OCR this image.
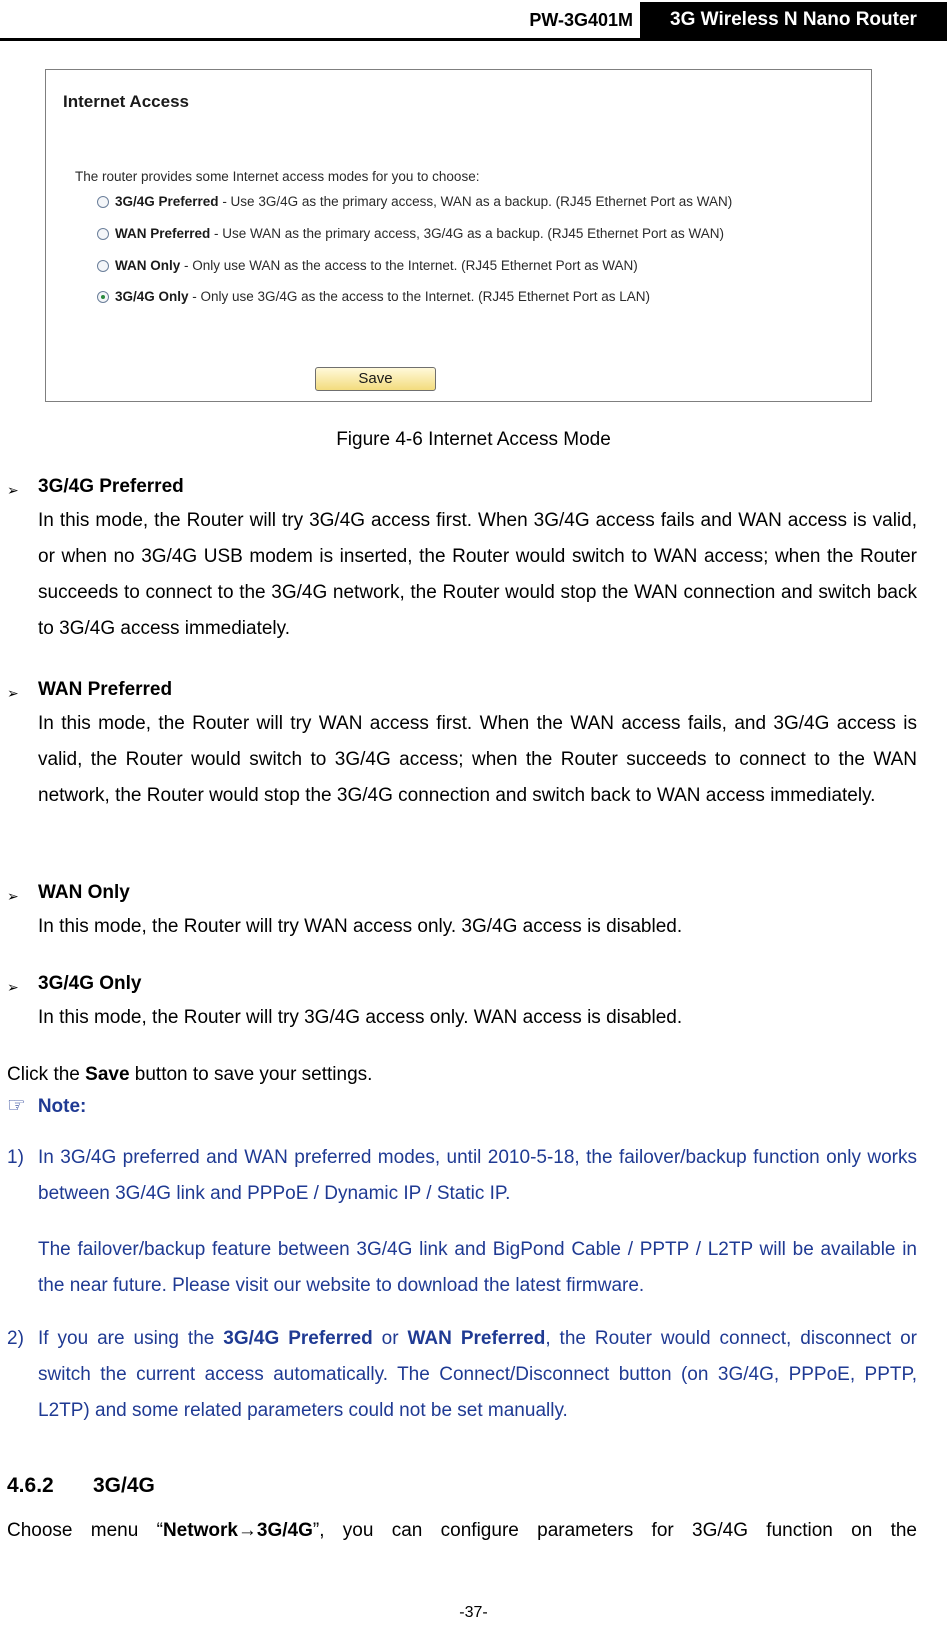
PW-3G401M	3G Wireless N Nano Router
Internet Access
The router provides some Internet access modes for you to choose:
3G/4G Preferred - Use 3G/4G as the primary access, WAN as a backup. (RJ45 Ethernet Port as WAN)
WAN Preferred - Use WAN as the primary access, 3G/4G as a backup. (RJ45 Ethernet Port as WAN)
WAN Only - Only use WAN as the access to the Internet. (RJ45 Ethernet Port as WAN)
3G/4G Only - Only use 3G/4G as the access to the Internet. (RJ45 Ethernet Port as LAN)
Save
Figure 4-6 Internet Access Mode
➢ 3G/4G Preferred

In this mode, the Router will try 3G/4G access first. When 3G/4G access fails and WAN access is valid, or when no 3G/4G USB modem is inserted, the Router would switch to WAN access; when the Router succeeds to connect to the 3G/4G network, the Router would stop the WAN connection and switch back to 3G/4G access immediately.

➢ WAN Preferred

In this mode, the Router will try WAN access first. When the WAN access fails, and 3G/4G access is valid, the Router would switch to 3G/4G access; when the Router succeeds to connect to the WAN network, the Router would stop the 3G/4G connection and switch back to WAN access immediately.

➢ WAN Only

In this mode, the Router will try WAN access only. 3G/4G access is disabled.

➢ 3G/4G Only

In this mode, the Router will try 3G/4G access only. WAN access is disabled.

Click the Save button to save your settings.
☞ Note:
1) In 3G/4G preferred and WAN preferred modes, until 2010-5-18, the failover/backup function only works between 3G/4G link and PPPoE / Dynamic IP / Static IP.

The failover/backup feature between 3G/4G link and BigPond Cable / PPTP / L2TP will be available in the near future. Please visit our website to download the latest firmware.

2) If you are using the 3G/4G Preferred or WAN Preferred, the Router would connect, disconnect or switch the current access automatically. The Connect/Disconnect button (on 3G/4G, PPPoE, PPTP, L2TP) and some related parameters could not be set manually.

4.6.2 3G/4G

Choose menu “Network→3G/4G”, you can configure parameters for 3G/4G function on the

-37-
